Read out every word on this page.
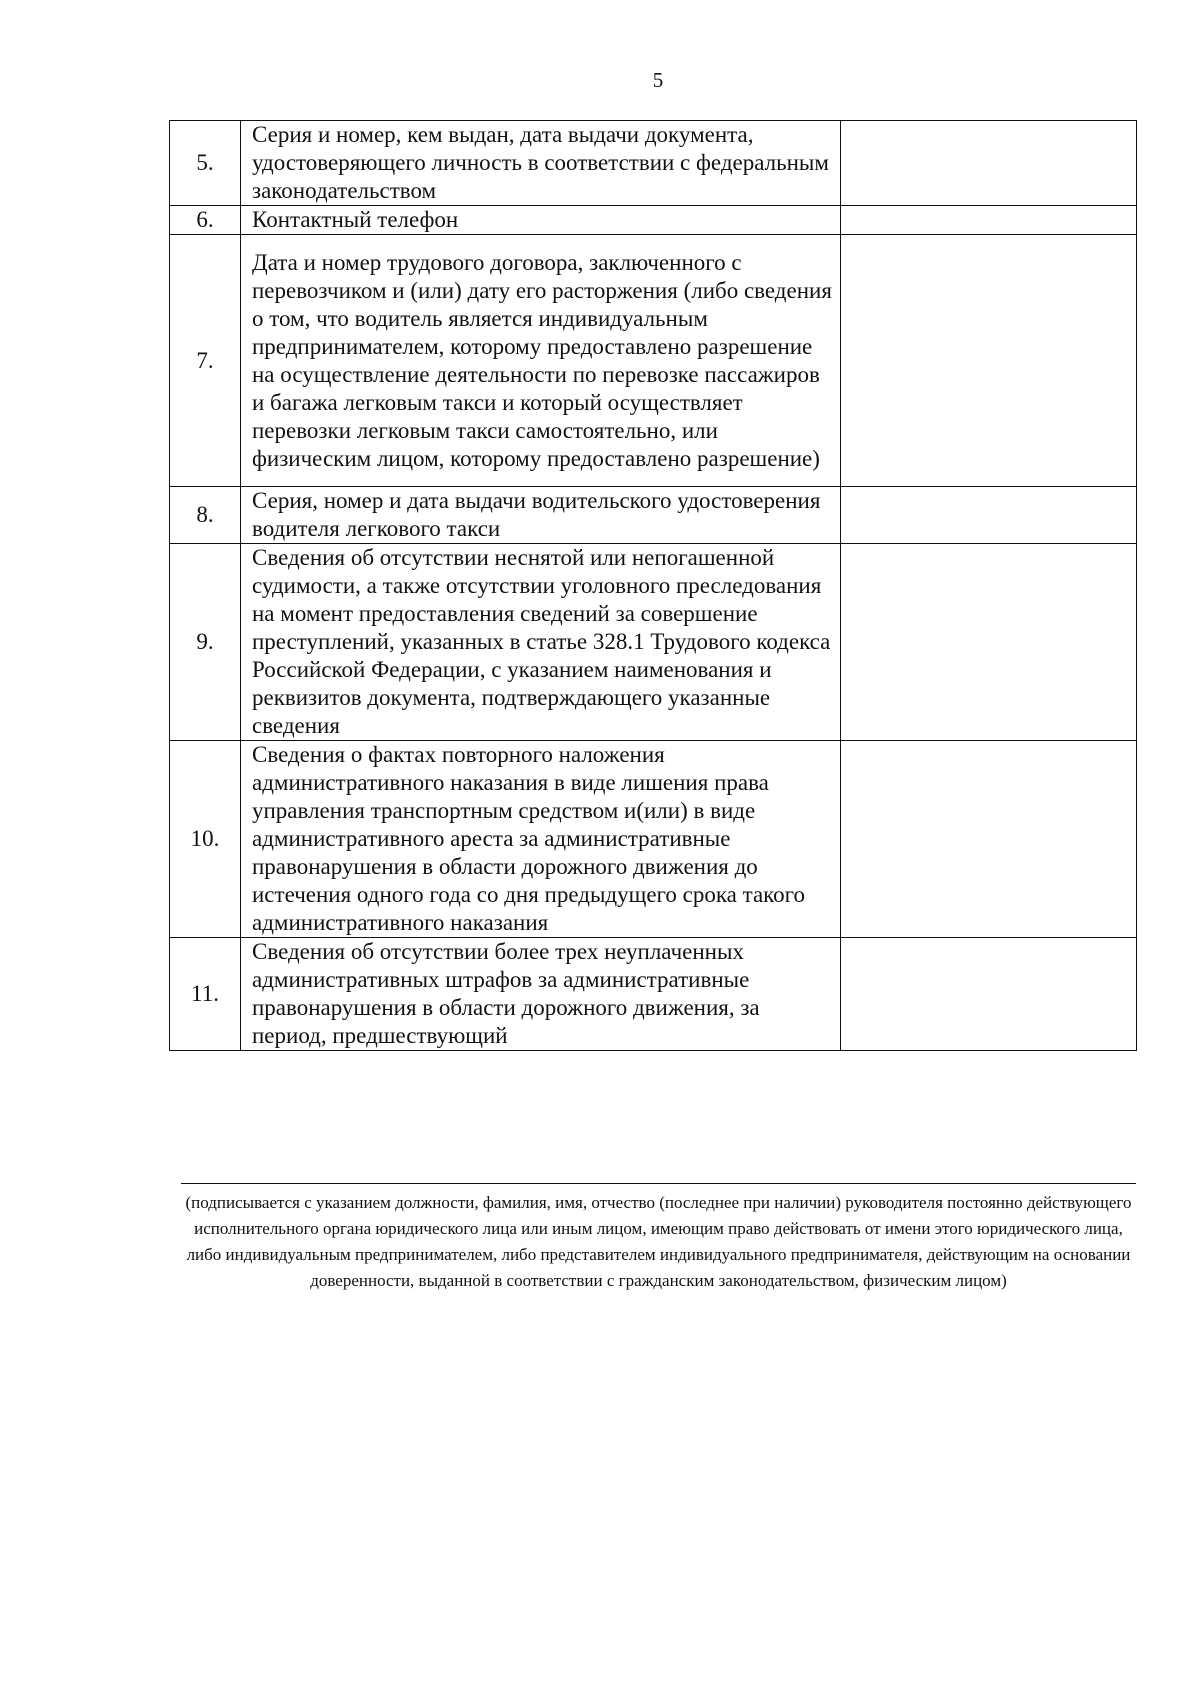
5
5.	Серия и номер, кем выдан, дата выдачи документа, удостоверяющего личность в соответствии с федеральным законодательством	
6.	Контактный телефон	
7.	Дата и номер трудового договора, заключенного с перевозчиком и (или) дату его расторжения (либо сведения о том, что водитель является индивидуальным предпринимателем, которому предоставлено разрешение на осуществление деятельности по перевозке пассажиров и багажа легковым такси и который осуществляет перевозки легковым такси самостоятельно, или физическим лицом, которому предоставлено разрешение)	
8.	Серия, номер и дата выдачи водительского удостоверения водителя легкового такси	
9.	Сведения об отсутствии неснятой или непогашенной судимости, а также отсутствии уголовного преследования на момент предоставления сведений за совершение преступлений, указанных в статье 328.1 Трудового кодекса Российской Федерации, с указанием наименования и реквизитов документа, подтверждающего указанные сведения	
10.	Сведения о фактах повторного наложения административного наказания в виде лишения права управления транспортным средством и(или) в виде административного ареста за административные правонарушения в области дорожного движения до истечения одного года со дня предыдущего срока такого административного наказания	
11.	Сведения об отсутствии более трех неуплаченных административных штрафов за административные правонарушения в области дорожного движения, за период, предшествующий	
(подписывается с указанием должности, фамилия, имя, отчество (последнее при наличии) руководителя постоянно действующего исполнительного органа юридического лица или иным лицом, имеющим право действовать от имени этого юридического лица, либо индивидуальным предпринимателем, либо представителем индивидуального предпринимателя, действующим на основании доверенности, выданной в соответствии с гражданским законодательством, физическим лицом)
